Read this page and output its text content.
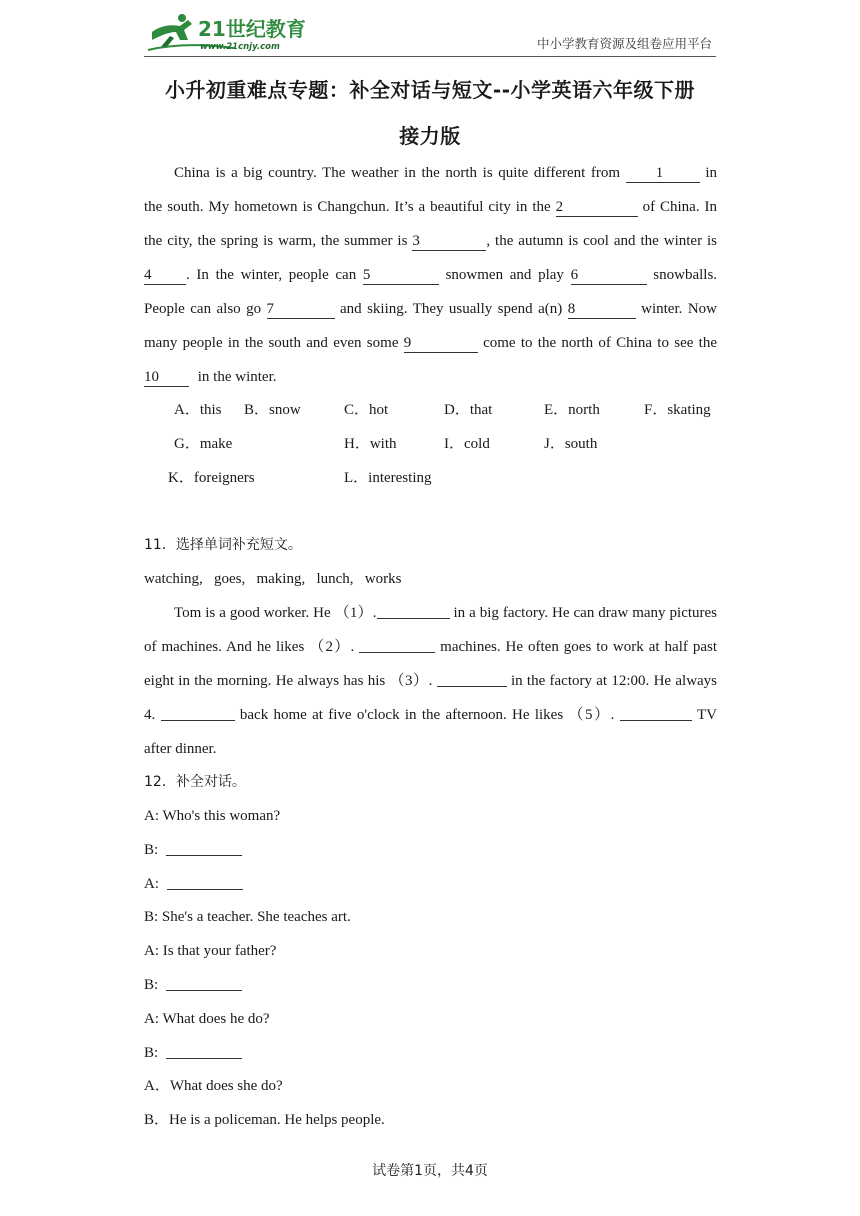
21世纪教育
www.21cnjy.com	中小学教育资源及组卷应用平台
小升初重难点专题：补全对话与短文--小学英语六年级下册
接力版
China is a big country. The weather in the north is quite different from 1	in
the south. My hometown is Changchun. It’s a beautiful city in the 2	of China. In
the city, the spring is warm, the summer is 3	, the autumn is cool and the winter is
4 . In the winter, people can 5	snowmen and play 6	snowballs.
People can also go 7	and skiing. They usually spend a(n) 8	winter. Now
many people in the south and even some 9	come to the north of China to see the
10	in the winter.
A．this B．snow	C．hot	D．that	E．north	F．skating
G．make	H．with	I．cold	J．south
K．foreigners	L．interesting
11．选择单词补充短文。
watching,   goes,   making,   lunch,   works
Tom is a good worker. He （1）.	in a big factory. He can draw many pictures
of machines. And he likes （2）.	machines. He often goes to work at half past
eight in the morning. He always has his （3）.	in the factory at 12:00. He always
4.	back home at five o'clock in the afternoon. He likes （5）.	TV
after dinner.
12．补全对话。
A: Who's this woman?
B:
A:
B: She's a teacher. She teaches art.
A: Is that your father?
B:
A: What does he do?
B:
A．What does she do?
B．He is a policeman. He helps people.
试卷第1页，共4页
